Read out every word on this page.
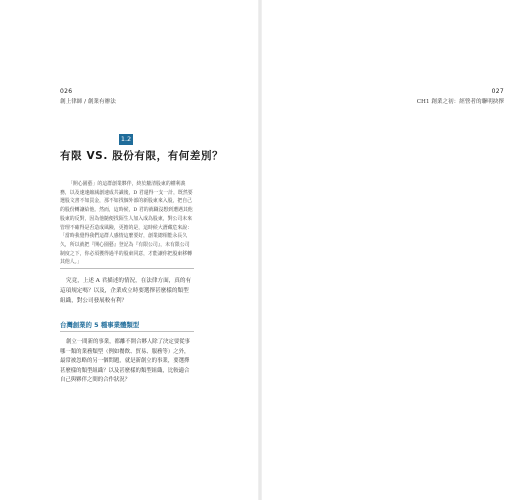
026
創上律師 / 創業有辦法
1.2
有限 VS. 股份有限，有何差別？
「開心園藝」的這群創業夥伴，終於釐清股東的權利義務，以及速速縮減創速成共識後，D 君還得一支一計，既然要選股文書不如買金，那不如找個外部的新股東來入股，把自己的股份轉讓給他。然而，這時候，D 君的就職沒想到遭遇其他股東的反對，因為他隨便找陌生人加入成為股東，對公司未來管理不確得是否造成風險，更擔的是，這時候大潛藏危來說：「當時我覺得我們這群人感情這麼要好，創業總相能永長久久，所以就把『開心園藝』登記為『有限公司』，未有限公司制度之下，你必須獲得過半的股東同意，才能讓你把股東移轉其他人。」
究竟，上述 A 君描述的情況，在法律方面，真的有這項規定嗎？以及，企業成立時要選擇甚麼樣的類型組織，對公司發展較有利？
台灣創業的 5 種事業體類型
創立一間新的事業，都離不開合夥人除了決定要從事哪一類的業務類型（例如餐飲、貿易、服務等）之外，最常被忽略的另一個問題，就是新創立的事業，要選擇甚麼樣的類型組織？以及甚麼樣的類型組織，比較適合自己與夥伴之間的合作狀況？
027
CH1 創業之初：經營者的聯明抉擇
